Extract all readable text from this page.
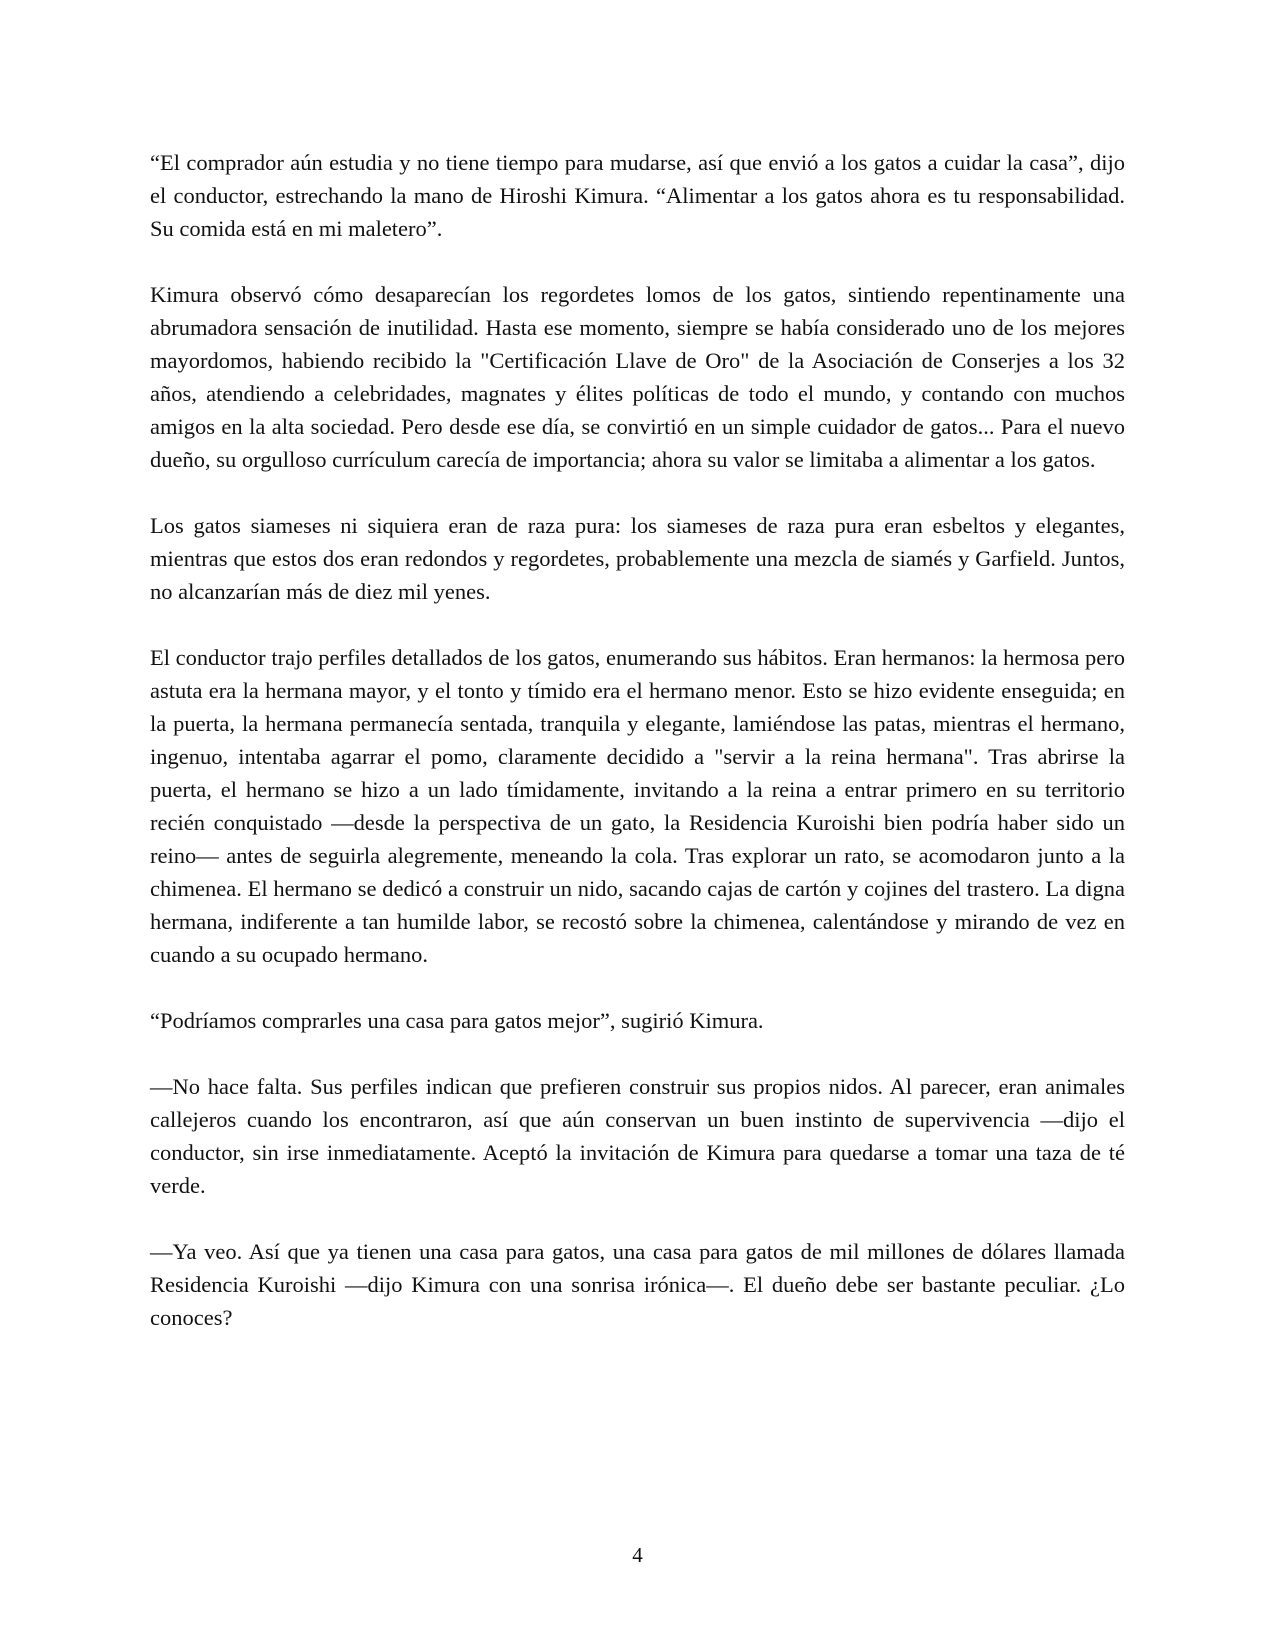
“El comprador aún estudia y no tiene tiempo para mudarse, así que envió a los gatos a cuidar la casa”, dijo el conductor, estrechando la mano de Hiroshi Kimura. “Alimentar a los gatos ahora es tu responsabilidad. Su comida está en mi maletero”.

Kimura observó cómo desaparecían los regordetes lomos de los gatos, sintiendo repentinamente una abrumadora sensación de inutilidad. Hasta ese momento, siempre se había considerado uno de los mejores mayordomos, habiendo recibido la "Certificación Llave de Oro" de la Asociación de Conserjes a los 32 años, atendiendo a celebridades, magnates y élites políticas de todo el mundo, y contando con muchos amigos en la alta sociedad. Pero desde ese día, se convirtió en un simple cuidador de gatos... Para el nuevo dueño, su orgulloso currículum carecía de importancia; ahora su valor se limitaba a alimentar a los gatos.

Los gatos siameses ni siquiera eran de raza pura: los siameses de raza pura eran esbeltos y elegantes, mientras que estos dos eran redondos y regordetes, probablemente una mezcla de siamés y Garfield. Juntos, no alcanzarían más de diez mil yenes.

El conductor trajo perfiles detallados de los gatos, enumerando sus hábitos. Eran hermanos: la hermosa pero astuta era la hermana mayor, y el tonto y tímido era el hermano menor. Esto se hizo evidente enseguida; en la puerta, la hermana permanecía sentada, tranquila y elegante, lamiéndose las patas, mientras el hermano, ingenuo, intentaba agarrar el pomo, claramente decidido a "servir a la reina hermana". Tras abrirse la puerta, el hermano se hizo a un lado tímidamente, invitando a la reina a entrar primero en su territorio recién conquistado —desde la perspectiva de un gato, la Residencia Kuroishi bien podría haber sido un reino— antes de seguirla alegremente, meneando la cola. Tras explorar un rato, se acomodaron junto a la chimenea. El hermano se dedicó a construir un nido, sacando cajas de cartón y cojines del trastero. La digna hermana, indiferente a tan humilde labor, se recostó sobre la chimenea, calentándose y mirando de vez en cuando a su ocupado hermano.

“Podríamos comprarles una casa para gatos mejor”, sugirió Kimura.

—No hace falta. Sus perfiles indican que prefieren construir sus propios nidos. Al parecer, eran animales callejeros cuando los encontraron, así que aún conservan un buen instinto de supervivencia —dijo el conductor, sin irse inmediatamente. Aceptó la invitación de Kimura para quedarse a tomar una taza de té verde.

—Ya veo. Así que ya tienen una casa para gatos, una casa para gatos de mil millones de dólares llamada Residencia Kuroishi —dijo Kimura con una sonrisa irónica—. El dueño debe ser bastante peculiar. ¿Lo conoces?

4
